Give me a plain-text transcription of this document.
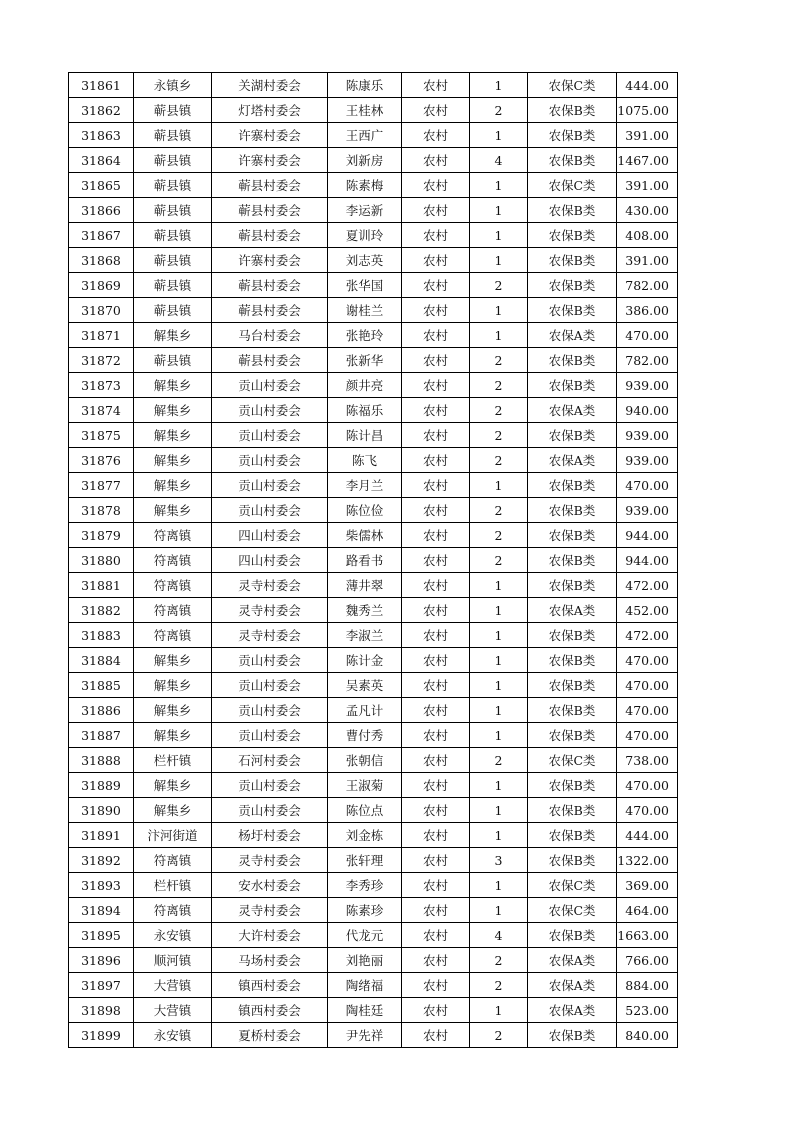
31861	永镇乡	关湖村委会	陈康乐	农村	1	农保C类	444.00
31862	蕲县镇	灯塔村委会	王桂林	农村	2	农保B类	1075.00
31863	蕲县镇	许寨村委会	王西广	农村	1	农保B类	391.00
31864	蕲县镇	许寨村委会	刘新房	农村	4	农保B类	1467.00
31865	蕲县镇	蕲县村委会	陈素梅	农村	1	农保C类	391.00
31866	蕲县镇	蕲县村委会	李运新	农村	1	农保B类	430.00
31867	蕲县镇	蕲县村委会	夏训玲	农村	1	农保B类	408.00
31868	蕲县镇	许寨村委会	刘志英	农村	1	农保B类	391.00
31869	蕲县镇	蕲县村委会	张华国	农村	2	农保B类	782.00
31870	蕲县镇	蕲县村委会	谢桂兰	农村	1	农保B类	386.00
31871	解集乡	马台村委会	张艳玲	农村	1	农保A类	470.00
31872	蕲县镇	蕲县村委会	张新华	农村	2	农保B类	782.00
31873	解集乡	贡山村委会	颜井亮	农村	2	农保B类	939.00
31874	解集乡	贡山村委会	陈福乐	农村	2	农保A类	940.00
31875	解集乡	贡山村委会	陈计昌	农村	2	农保B类	939.00
31876	解集乡	贡山村委会	陈飞	农村	2	农保A类	939.00
31877	解集乡	贡山村委会	李月兰	农村	1	农保B类	470.00
31878	解集乡	贡山村委会	陈位俭	农村	2	农保B类	939.00
31879	符离镇	四山村委会	柴儒林	农村	2	农保B类	944.00
31880	符离镇	四山村委会	路看书	农村	2	农保B类	944.00
31881	符离镇	灵寺村委会	薄井翠	农村	1	农保B类	472.00
31882	符离镇	灵寺村委会	魏秀兰	农村	1	农保A类	452.00
31883	符离镇	灵寺村委会	李淑兰	农村	1	农保B类	472.00
31884	解集乡	贡山村委会	陈计金	农村	1	农保B类	470.00
31885	解集乡	贡山村委会	吴素英	农村	1	农保B类	470.00
31886	解集乡	贡山村委会	孟凡计	农村	1	农保B类	470.00
31887	解集乡	贡山村委会	曹付秀	农村	1	农保B类	470.00
31888	栏杆镇	石河村委会	张朝信	农村	2	农保C类	738.00
31889	解集乡	贡山村委会	王淑菊	农村	1	农保B类	470.00
31890	解集乡	贡山村委会	陈位点	农村	1	农保B类	470.00
31891	汴河街道	杨圩村委会	刘金栋	农村	1	农保B类	444.00
31892	符离镇	灵寺村委会	张轩理	农村	3	农保B类	1322.00
31893	栏杆镇	安水村委会	李秀珍	农村	1	农保C类	369.00
31894	符离镇	灵寺村委会	陈素珍	农村	1	农保C类	464.00
31895	永安镇	大许村委会	代龙元	农村	4	农保B类	1663.00
31896	顺河镇	马场村委会	刘艳丽	农村	2	农保A类	766.00
31897	大营镇	镇西村委会	陶绪福	农村	2	农保A类	884.00
31898	大营镇	镇西村委会	陶桂廷	农村	1	农保A类	523.00
31899	永安镇	夏桥村委会	尹先祥	农村	2	农保B类	840.00
